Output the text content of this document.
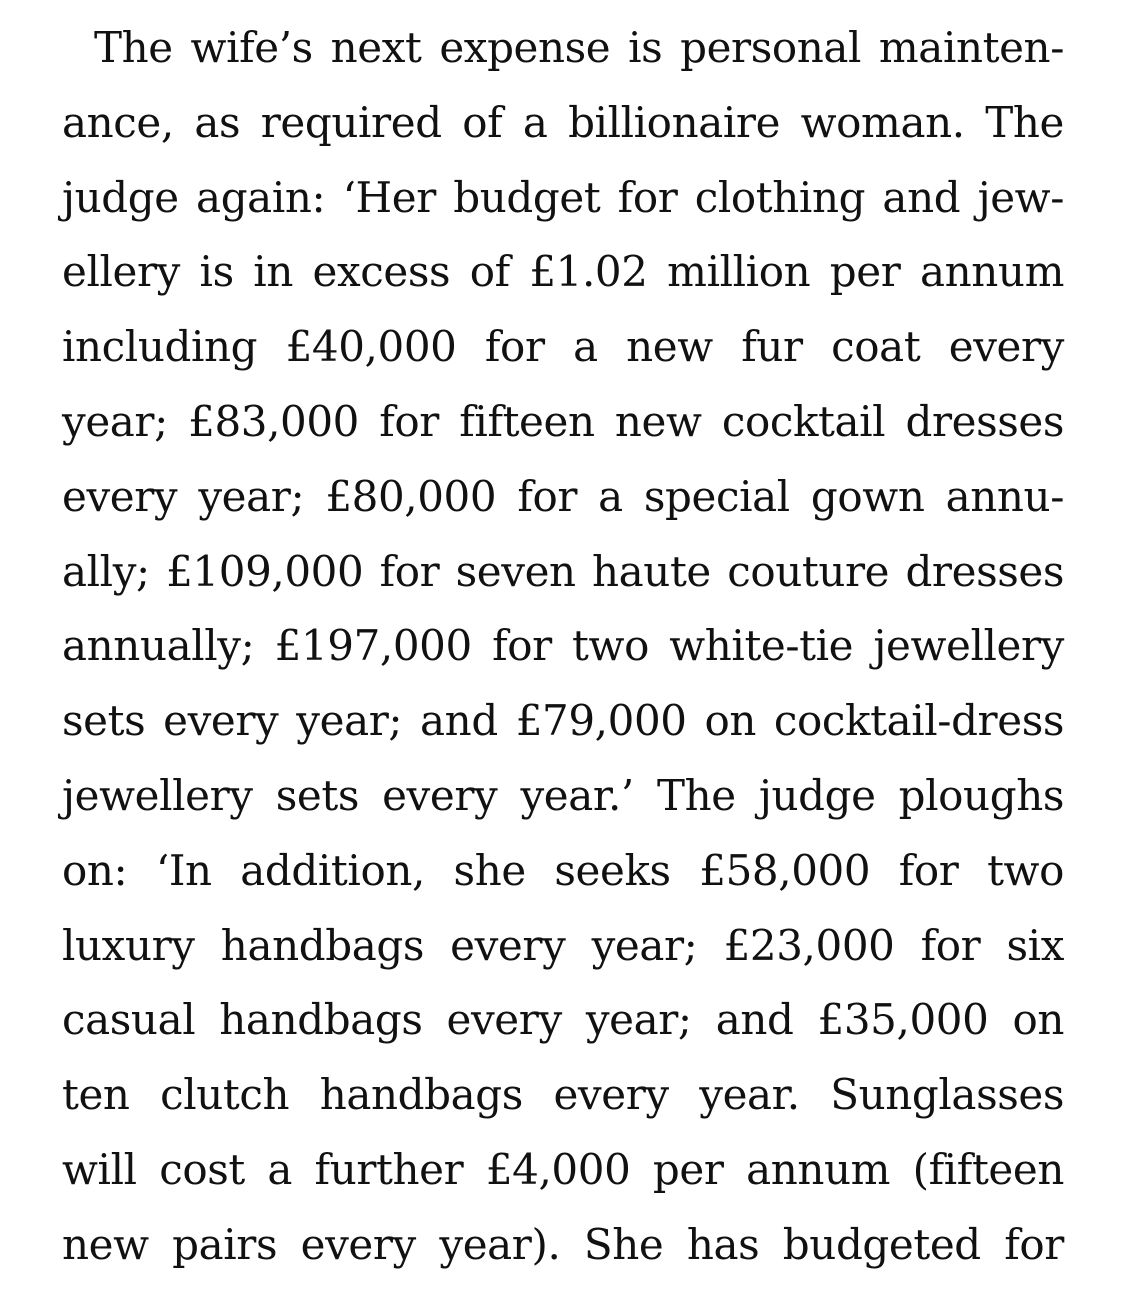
The wife’s next expense is personal mainten-
ance, as required of a billionaire woman. The
judge again: ‘Her budget for clothing and jew-
ellery is in excess of £1.02 million per annum
including £40,000 for a new fur coat every
year; £83,000 for fifteen new cocktail dresses
every year; £80,000 for a special gown annu-
ally; £109,000 for seven haute couture dresses
annually; £197,000 for two white-tie jewellery
sets every year; and £79,000 on cocktail-dress
jewellery sets every year.’ The judge ploughs
on: ‘In addition, she seeks £58,000 for two
luxury handbags every year; £23,000 for six
casual handbags every year; and £35,000 on
ten clutch handbags every year. Sunglasses
will cost a further £4,000 per annum (fifteen
new pairs every year). She has budgeted for
